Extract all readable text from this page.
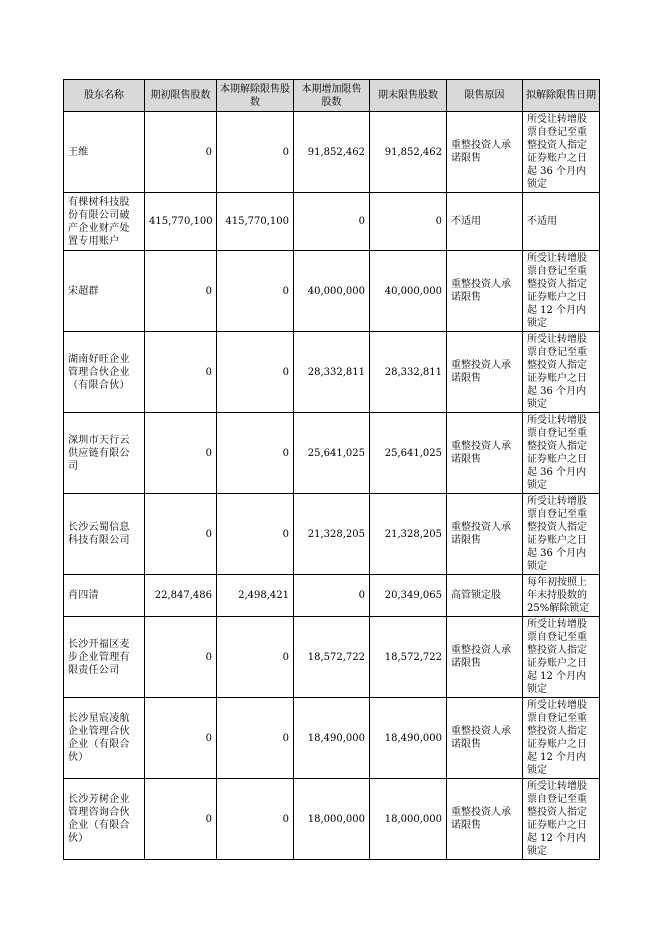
股东名称	期初限售股数	本期解除限售股数	本期增加限售股数	期末限售股数	限售原因	拟解除限售日期
王维	0	0	91,852,462	91,852,462	重整投资人承诺限售	所受让转增股票自登记至重整投资人指定证券账户之日起 36 个月内锁定
有棵树科技股份有限公司破产企业财产处置专用账户	415,770,100	415,770,100	0	0	不适用	不适用
宋超群	0	0	40,000,000	40,000,000	重整投资人承诺限售	所受让转增股票自登记至重整投资人指定证券账户之日起 12 个月内锁定
湖南好旺企业管理合伙企业（有限合伙）	0	0	28,332,811	28,332,811	重整投资人承诺限售	所受让转增股票自登记至重整投资人指定证券账户之日起 36 个月内锁定
深圳市天行云供应链有限公司	0	0	25,641,025	25,641,025	重整投资人承诺限售	所受让转增股票自登记至重整投资人指定证券账户之日起 36 个月内锁定
长沙云蜀信息科技有限公司	0	0	21,328,205	21,328,205	重整投资人承诺限售	所受让转增股票自登记至重整投资人指定证券账户之日起 36 个月内锁定
肖四清	22,847,486	2,498,421	0	20,349,065	高管锁定股	每年初按照上年末持股数的25%解除锁定
长沙开福区麦步企业管理有限责任公司	0	0	18,572,722	18,572,722	重整投资人承诺限售	所受让转增股票自登记至重整投资人指定证券账户之日起 12 个月内锁定
长沙星宸凌航企业管理合伙企业（有限合伙）	0	0	18,490,000	18,490,000	重整投资人承诺限售	所受让转增股票自登记至重整投资人指定证券账户之日起 12 个月内锁定
长沙芳树企业管理咨询合伙企业（有限合伙）	0	0	18,000,000	18,000,000	重整投资人承诺限售	所受让转增股票自登记至重整投资人指定证券账户之日起 12 个月内锁定
